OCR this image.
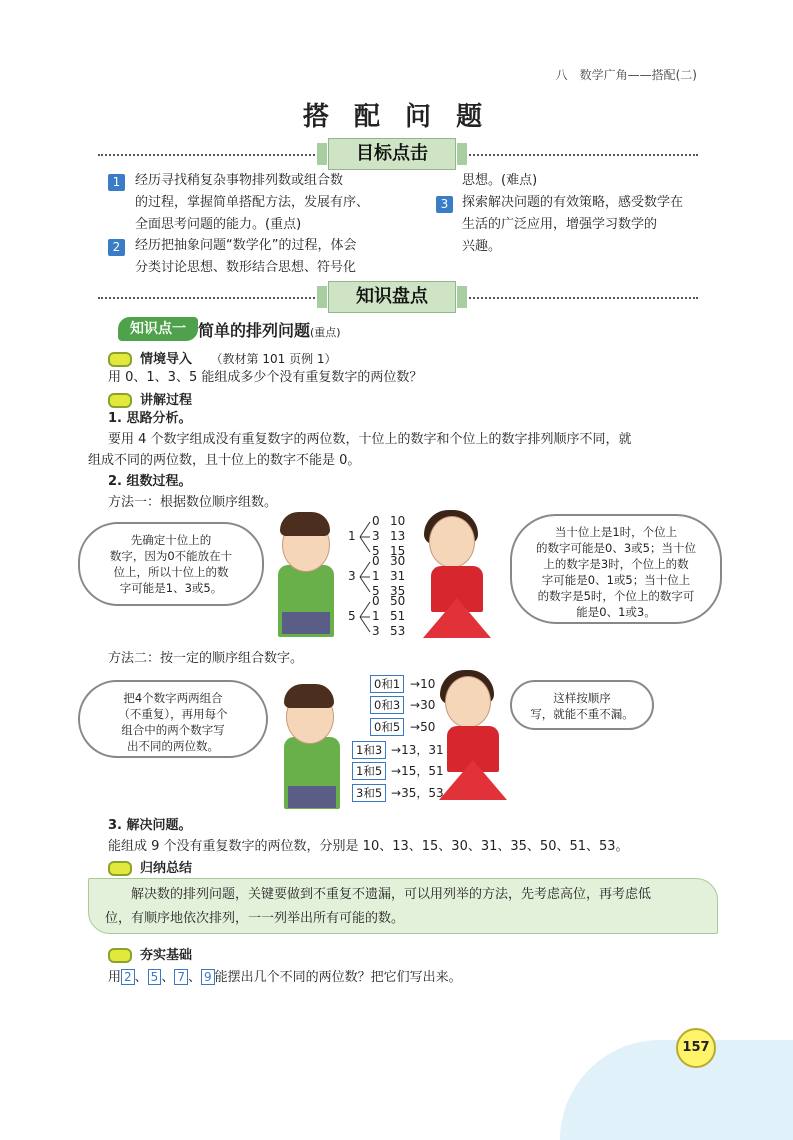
八　数学广角——搭配(二)
搭 配 问 题
目标点击
1	经历寻找稍复杂事物排列数或组合数
的过程，掌握简单搭配方法，发展有序、
全面思考问题的能力。(重点)
2	经历把抽象问题“数学化”的过程，体会
分类讨论思想、数形结合思想、符号化
思想。(难点)
3	探索解决问题的有效策略，感受数学在
生活的广泛应用，增强学习数学的
兴趣。
知识盘点
知识点一 简单的排列问题(重点)
情境导入 （教材第 101 页例 1）
用 0、1、3、5 能组成多少个没有重复数字的两位数？
讲解过程
1. 思路分析。
要用 4 个数字组成没有重复数字的两位数，十位上的数字和个位上的数字排列顺序不同，就
组成不同的两位数，且十位上的数字不能是 0。
2. 组数过程。
方法一：根据数位顺序组数。
先确定十位上的
数字，因为0不能放在十
位上，所以十位上的数
字可能是1、3或5。
1
0
3
5
10
13
15
3
0
1
5
30
31
35
5
0
1
3
50
51
53
当十位上是1时，个位上
的数字可能是0、3或5；当十位
上的数字是3时，个位上的数
字可能是0、1或5；当十位上
的数字是5时，个位上的数字可
能是0、1或3。
方法二：按一定的顺序组合数字。
把4个数字两两组合
（不重复），再用每个
组合中的两个数字写
出不同的两位数。
0和1 →10
0和3 →30
0和5 →50
1和3 →13，31
1和5 →15，51
3和5 →35，53
这样按顺序
写，就能不重不漏。
3. 解决问题。
能组成 9 个没有重复数字的两位数，分别是 10、13、15、30、31、35、50、51、53。
归纳总结
解决数的排列问题，关键要做到不重复不遗漏，可以用列举的方法，先考虑高位，再考虑低
位，有顺序地依次排列，一一列举出所有可能的数。
夯实基础
用 2 、 5 、 7 、 9 能摆出几个不同的两位数？把它们写出来。
157
